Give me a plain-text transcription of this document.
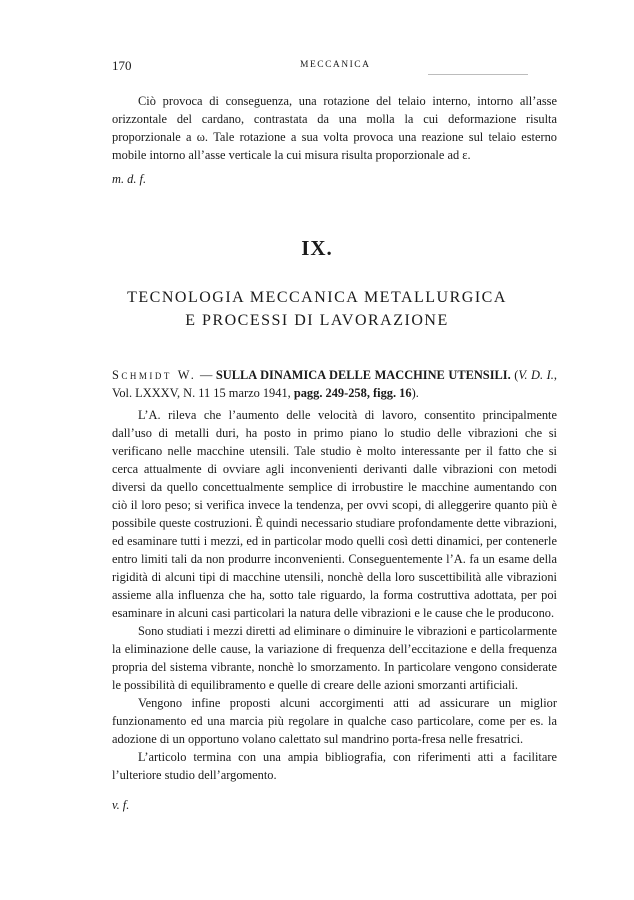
170	MECCANICA

Ciò provoca di conseguenza, una rotazione del telaio interno, intorno all’asse orizzontale del cardano, contrastata da una molla la cui deformazione risulta proporzionale a ω. Tale rotazione a sua volta provoca una reazione sul telaio esterno mobile intorno all’asse verticale la cui misura risulta proporzionale ad ε.

m. d. f.

IX.
TECNOLOGIA MECCANICA METALLURGICA
E PROCESSI DI LAVORAZIONE
Schmidt W. — SULLA DINAMICA DELLE MACCHINE UTENSILI. (V. D. I., Vol. LXXXV, N. 11 15 marzo 1941, pagg. 249-258, figg. 16).

L’A. rileva che l’aumento delle velocità di lavoro, consentito principalmente dall’uso di metalli duri, ha posto in primo piano lo studio delle vibrazioni che si verificano nelle macchine utensili. Tale studio è molto interessante per il fatto che si cerca attualmente di ovviare agli inconvenienti derivanti dalle vibrazioni con metodi diversi da quello concettualmente semplice di irrobustire le macchine aumentando con ciò il loro peso; si verifica invece la tendenza, per ovvi scopi, di alleggerire quanto più è possibile queste costruzioni. È quindi necessario studiare profondamente dette vibrazioni, ed esaminare tutti i mezzi, ed in particolar modo quelli così detti dinamici, per contenerle entro limiti tali da non produrre inconvenienti. Conseguentemente l’A. fa un esame della rigidità di alcuni tipi di macchine utensili, nonchè della loro suscettibilità alle vibrazioni assieme alla influenza che ha, sotto tale riguardo, la forma costruttiva adottata, per poi esaminare in alcuni casi particolari la natura delle vibrazioni e le cause che le producono.

Sono studiati i mezzi diretti ad eliminare o diminuire le vibrazioni e particolarmente la eliminazione delle cause, la variazione di frequenza dell’eccitazione e della frequenza propria del sistema vibrante, nonchè lo smorzamento. In particolare vengono considerate le possibilità di equilibramento e quelle di creare delle azioni smorzanti artificiali.

Vengono infine proposti alcuni accorgimenti atti ad assicurare un miglior funzionamento ed una marcia più regolare in qualche caso particolare, come per es. la adozione di un opportuno volano calettato sul mandrino porta-fresa nelle fresatrici.

L’articolo termina con una ampia bibliografia, con riferimenti atti a facilitare l’ulteriore studio dell’argomento.

v. f.
